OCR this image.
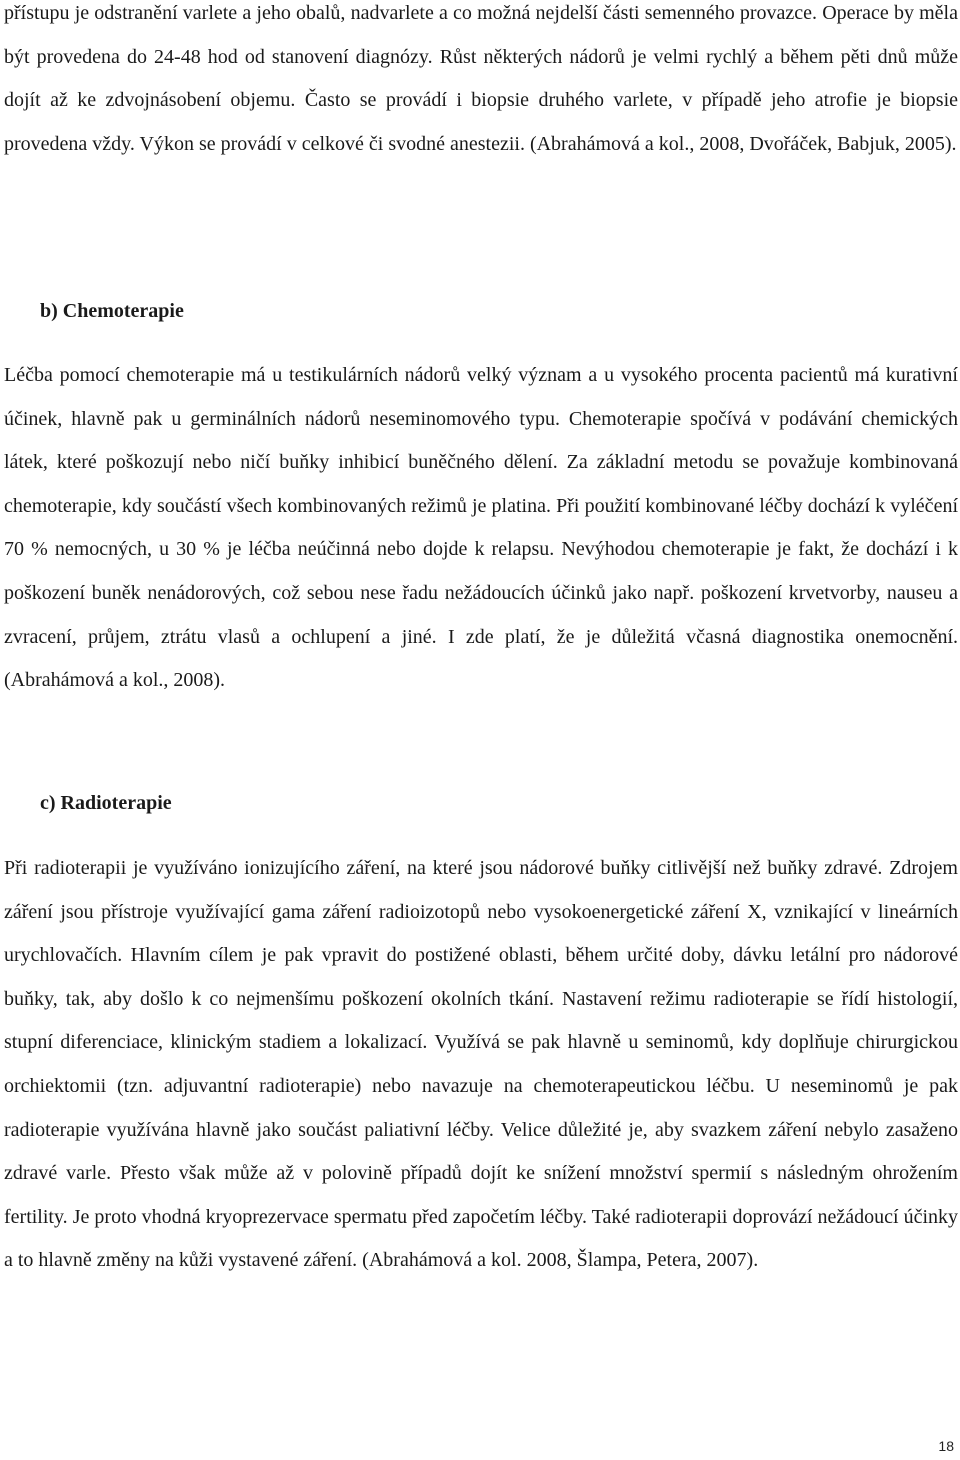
přístupu je odstranění varlete a jeho obalů, nadvarlete a co možná nejdelší části semenného provazce. Operace by měla být provedena do 24-48 hod od stanovení diagnózy. Růst některých nádorů je velmi rychlý a během pěti dnů může dojít až ke zdvojnásobení objemu. Často se provádí i biopsie druhého varlete, v případě jeho atrofie je biopsie provedena vždy. Výkon se provádí v celkové či svodné anestezii. (Abrahámová a kol., 2008, Dvořáček, Babjuk, 2005).

b) Chemoterapie

Léčba pomocí chemoterapie má u testikulárních nádorů velký význam a u vysokého procenta pacientů má kurativní účinek, hlavně pak u germinálních nádorů neseminomového typu. Chemoterapie spočívá v podávání chemických látek, které poškozují nebo ničí buňky inhibicí buněčného dělení. Za základní metodu se považuje kombinovaná chemoterapie, kdy součástí všech kombinovaných režimů je platina. Při použití kombinované léčby dochází k vyléčení 70 % nemocných, u 30 % je léčba neúčinná nebo dojde k relapsu. Nevýhodou chemoterapie je fakt, že dochází i k poškození buněk nenádorových, což sebou nese řadu nežádoucích účinků jako např. poškození krvetvorby, nauseu a zvracení, průjem, ztrátu vlasů a ochlupení a jiné. I zde platí, že je důležitá včasná diagnostika onemocnění. (Abrahámová a kol., 2008).

c) Radioterapie

Při radioterapii je využíváno ionizujícího záření, na které jsou nádorové buňky citlivější než buňky zdravé. Zdrojem záření jsou přístroje využívající gama záření radioizotopů nebo vysokoenergetické záření X, vznikající v lineárních urychlovačích. Hlavním cílem je pak vpravit do postižené oblasti, během určité doby, dávku letální pro nádorové buňky, tak, aby došlo k co nejmenšímu poškození okolních tkání. Nastavení režimu radioterapie se řídí histologií, stupní diferenciace, klinickým stadiem a lokalizací. Využívá se pak hlavně u seminomů, kdy doplňuje chirurgickou orchiektomii (tzn. adjuvantní radioterapie) nebo navazuje na chemoterapeutickou léčbu. U neseminomů je pak radioterapie využívána hlavně jako součást paliativní léčby. Velice důležité je, aby svazkem záření nebylo zasaženo zdravé varle. Přesto však může až v polovině případů dojít ke snížení množství spermií s následným ohrožením fertility. Je proto vhodná kryoprezervace spermatu před započetím léčby. Také radioterapii doprovází nežádoucí účinky a to hlavně změny na kůži vystavené záření. (Abrahámová a kol. 2008, Šlampa, Petera, 2007).

18
